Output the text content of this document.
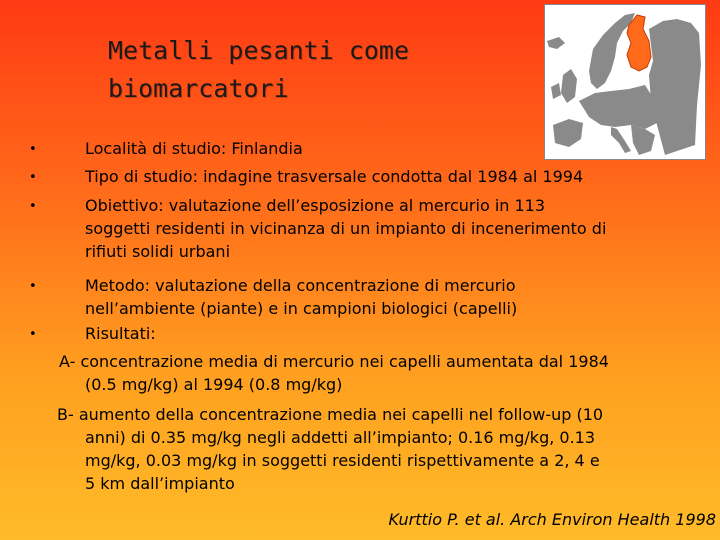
Metalli pesanti come
biomarcatori
•	Località di studio: Finlandia
•	Tipo di studio: indagine trasversale condotta dal 1984 al 1994
•	Obiettivo: valutazione dell’esposizione al mercurio in 113
soggetti residenti in vicinanza di un impianto di incenerimento di
rifiuti solidi urbani
•	Metodo: valutazione della concentrazione di mercurio
nell’ambiente (piante) e in campioni biologici (capelli)
•	Risultati:
A- concentrazione media di mercurio nei capelli aumentata dal 1984
(0.5 mg/kg) al 1994 (0.8 mg/kg)
B- aumento della concentrazione media nei capelli nel follow-up (10
anni) di 0.35 mg/kg negli addetti all’impianto; 0.16 mg/kg, 0.13
mg/kg, 0.03 mg/kg in soggetti residenti rispettivamente a 2, 4 e
5 km dall’impianto
Kurttio P. et al. Arch Environ Health 1998
